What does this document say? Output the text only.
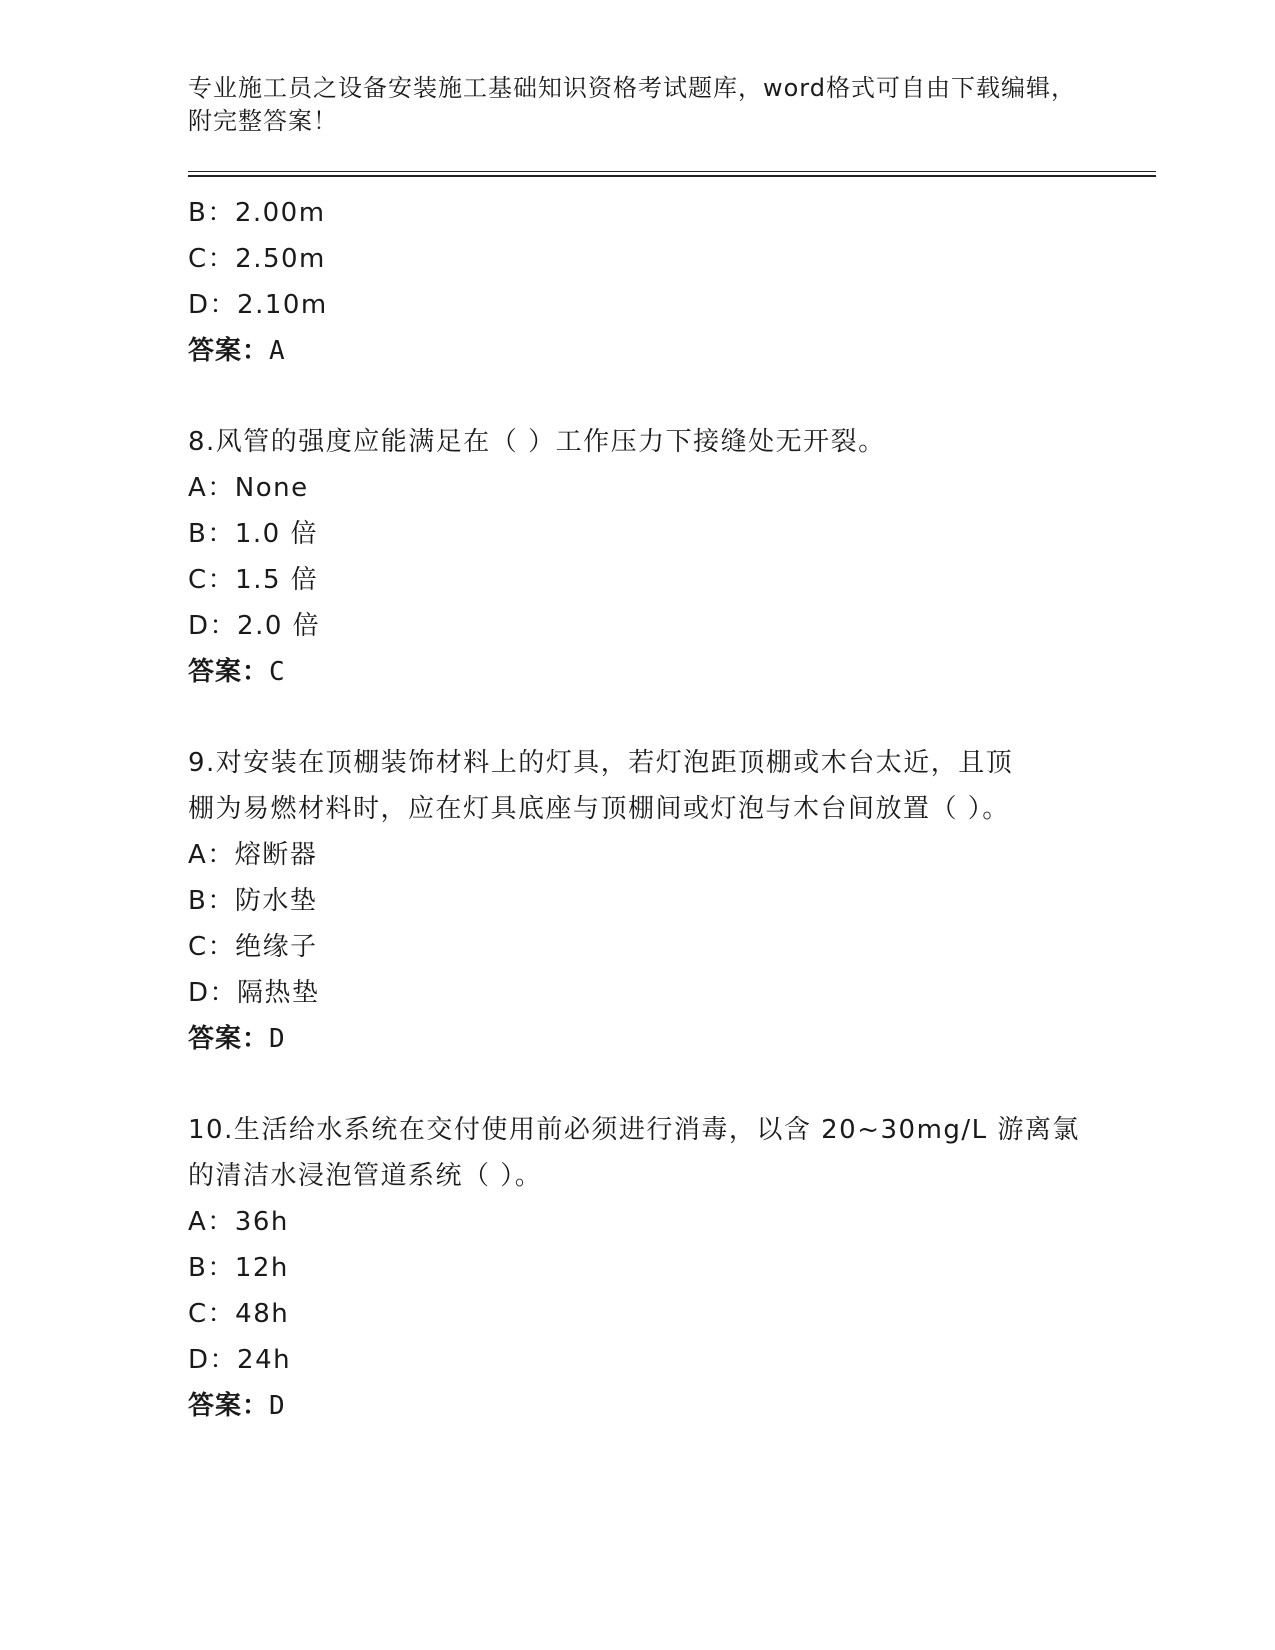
专业施工员之设备安装施工基础知识资格考试题库，word格式可自由下载编辑，
附完整答案！
B：2.00m
C：2.50m
D：2.10m
答案：A
8.风管的强度应能满足在（ ）工作压力下接缝处无开裂。
A：None
B：1.0 倍
C：1.5 倍
D：2.0 倍
答案：C
9.对安装在顶棚装饰材料上的灯具，若灯泡距顶棚或木台太近，且顶
棚为易燃材料时，应在灯具底座与顶棚间或灯泡与木台间放置（ ）。
A：熔断器
B：防水垫
C：绝缘子
D：隔热垫
答案：D
10.生活给水系统在交付使用前必须进行消毒，以含 20~30mg/L 游离氯
的清洁水浸泡管道系统（ ）。
A：36h
B：12h
C：48h
D：24h
答案：D
